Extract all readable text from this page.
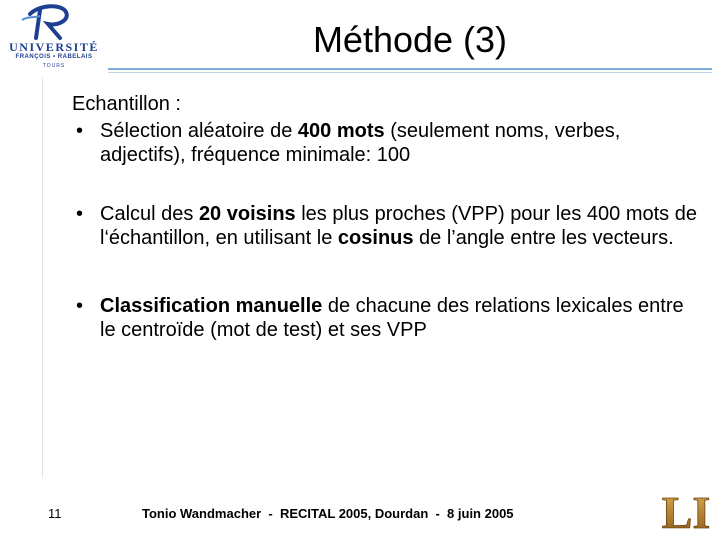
UNIVERSITÉ
FRANÇOIS • RABELAIS
TOURS
Méthode (3)
Echantillon :
• Sélection aléatoire de 400 mots (seulement noms, verbes, adjectifs), fréquence minimale: 100
• Calcul des 20 voisins les plus proches (VPP) pour les 400 mots de l‘échantillon, en utilisant le cosinus de l’angle entre les vecteurs.
• Classification manuelle de chacune des relations lexicales entre le centroïde (mot de test) et ses VPP
11	Tonio Wandmacher  -  RECITAL 2005, Dourdan  -  8 juin 2005	LI
